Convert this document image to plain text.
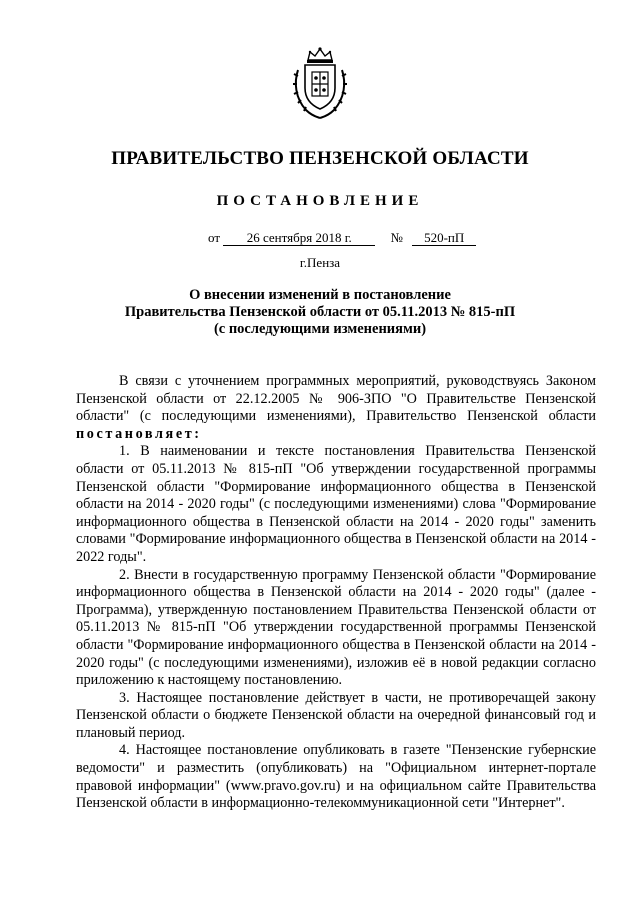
ПРАВИТЕЛЬСТВО ПЕНЗЕНСКОЙ ОБЛАСТИ
ПОСТАНОВЛЕНИЕ
от 26 сентября 2018 г.	№ 520-пП
г.Пенза
О внесении изменений в постановление
Правительства Пензенской области от 05.11.2013 № 815-пП
(с последующими изменениями)

В связи с уточнением программных мероприятий, руководствуясь Законом Пензенской области от 22.12.2005 № 906-ЗПО "О Правительстве Пензенской области" (с последующими изменениями), Правительство Пензенской области постановляет:

1. В наименовании и тексте постановления Правительства Пензенской области от 05.11.2013 № 815-пП "Об утверждении государственной программы Пензенской области "Формирование информационного общества в Пензенской области на 2014 - 2020 годы" (с последующими изменениями) слова "Формирование информационного общества в Пензенской области на 2014 - 2020 годы" заменить словами "Формирование информационного общества в Пензенской области на 2014 - 2022 годы".

2. Внести в государственную программу Пензенской области "Формирование информационного общества в Пензенской области на 2014 - 2020 годы" (далее - Программа), утвержденную постановлением Правительства Пензенской области от 05.11.2013 № 815-пП "Об утверждении государственной программы Пензенской области "Формирование информационного общества в Пензенской области на 2014 - 2020 годы" (с последующими изменениями), изложив её в новой редакции согласно приложению к настоящему постановлению.

3. Настоящее постановление действует в части, не противоречащей закону Пензенской области о бюджете Пензенской области на очередной финансовый год и плановый период.

4. Настоящее постановление опубликовать в газете "Пензенские губернские ведомости" и разместить (опубликовать) на "Официальном интернет-портале правовой информации" (www.pravo.gov.ru) и на официальном сайте Правительства Пензенской области в информационно-телекоммуникационной сети "Интернет".
